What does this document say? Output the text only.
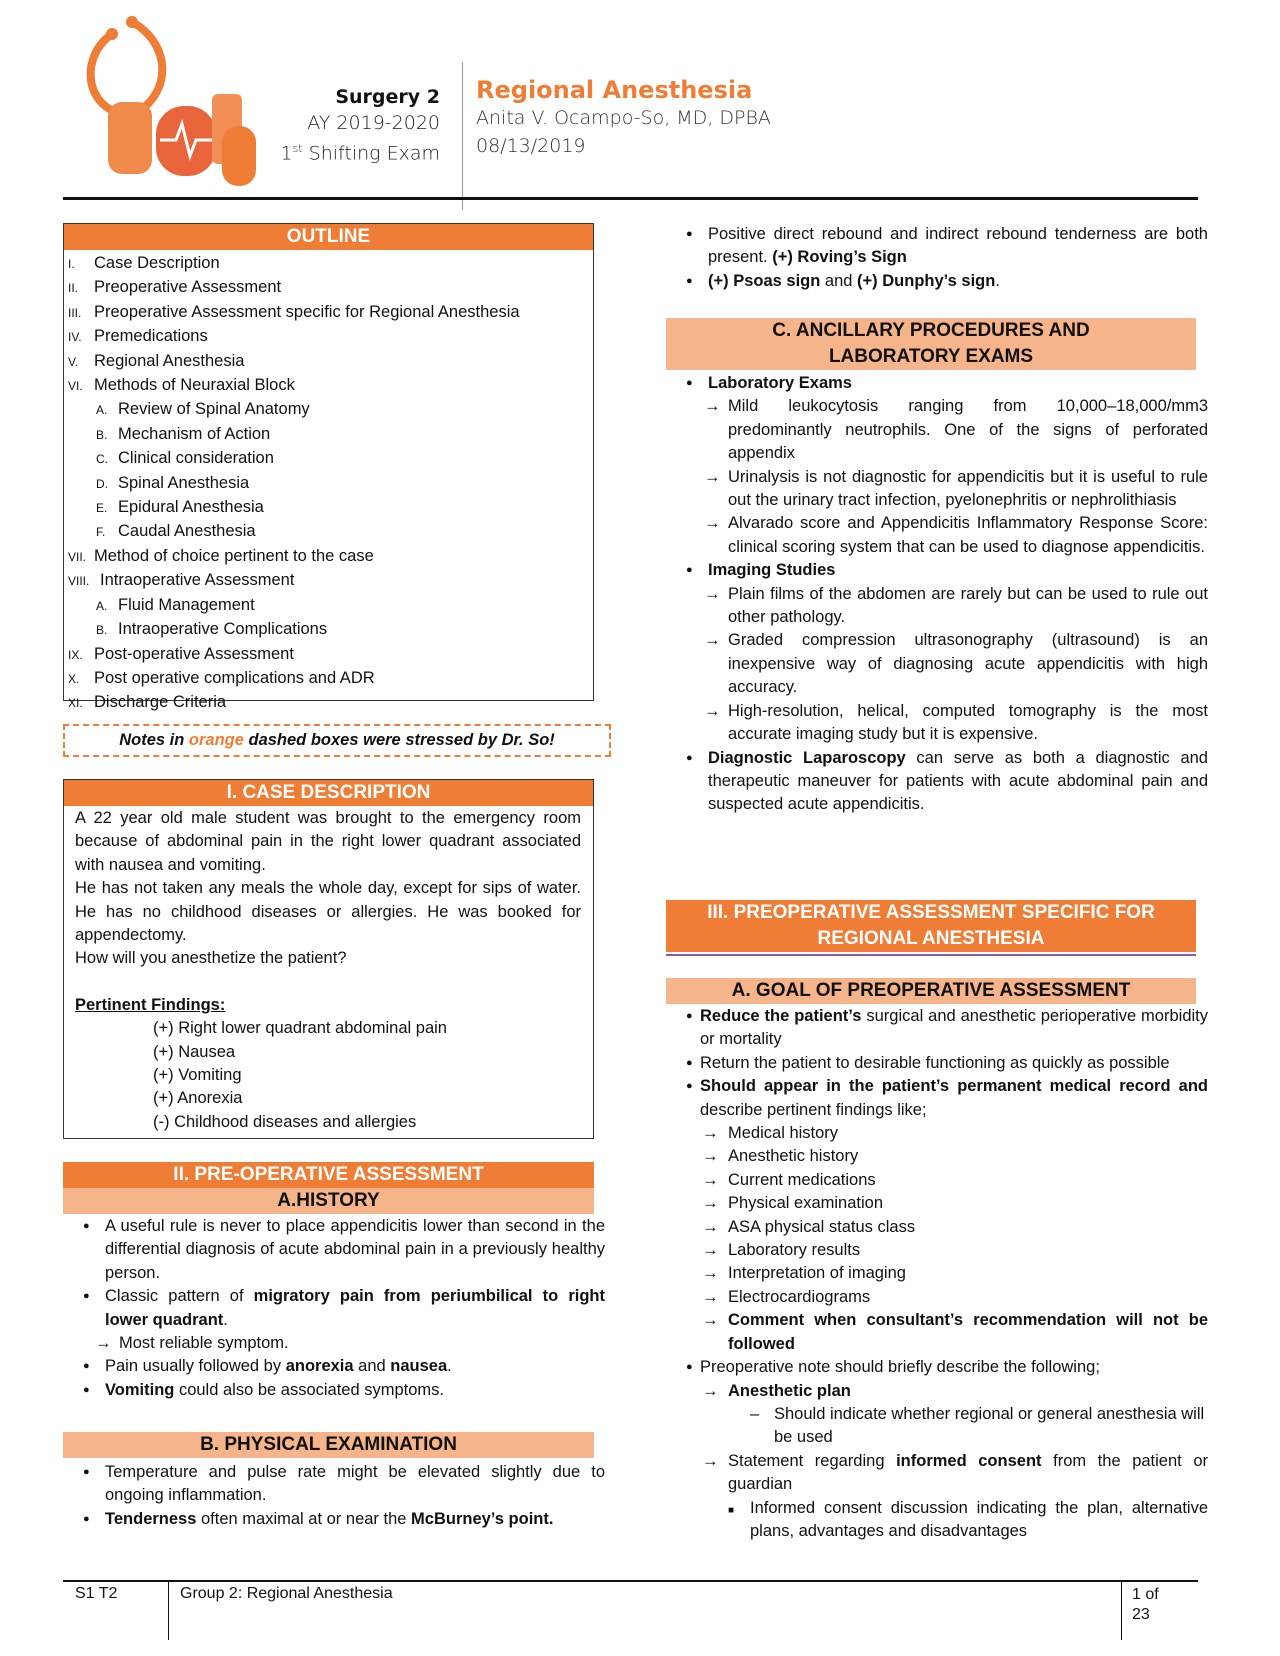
Surgery 2
AY 2019-2020
1st Shifting Exam
Regional Anesthesia
Anita V. Ocampo-So, MD, DPBA
08/13/2019
OUTLINE
I. Case Description
II. Preoperative Assessment
III. Preoperative Assessment specific for Regional Anesthesia
IV. Premedications
V. Regional Anesthesia
VI. Methods of Neuraxial Block
A. Review of Spinal Anatomy
B. Mechanism of Action
C. Clinical consideration
D. Spinal Anesthesia
E. Epidural Anesthesia
F. Caudal Anesthesia
VII. Method of choice pertinent to the case
VIII. Intraoperative Assessment
A. Fluid Management
B. Intraoperative Complications
IX. Post-operative Assessment
X. Post operative complications and ADR
XI. Discharge Criteria
Notes in orange dashed boxes were stressed by Dr. So!
I. CASE DESCRIPTION
A 22 year old male student was brought to the emergency room because of abdominal pain in the right lower quadrant associated with nausea and vomiting.
He has not taken any meals the whole day, except for sips of water. He has no childhood diseases or allergies. He was booked for appendectomy.
How will you anesthetize the patient?
Pertinent Findings:
(+) Right lower quadrant abdominal pain
(+) Nausea
(+) Vomiting
(+) Anorexia
(-) Childhood diseases and allergies
II. PRE-OPERATIVE ASSESSMENT
A.HISTORY
● A useful rule is never to place appendicitis lower than second in the differential diagnosis of acute abdominal pain in a previously healthy person.
● Classic pattern of migratory pain from periumbilical to right lower quadrant.
→ Most reliable symptom.
● Pain usually followed by anorexia and nausea.
● Vomiting could also be associated symptoms.
B. PHYSICAL EXAMINATION
● Temperature and pulse rate might be elevated slightly due to ongoing inflammation.
● Tenderness often maximal at or near the McBurney’s point.
● Positive direct rebound and indirect rebound tenderness are both present. (+) Roving’s Sign
● (+) Psoas sign and (+) Dunphy’s sign.
C. ANCILLARY PROCEDURES AND LABORATORY EXAMS
● Laboratory Exams
→ Mild leukocytosis ranging from 10,000–18,000/mm3 predominantly neutrophils. One of the signs of perforated appendix
→ Urinalysis is not diagnostic for appendicitis but it is useful to rule out the urinary tract infection, pyelonephritis or nephrolithiasis
→ Alvarado score and Appendicitis Inflammatory Response Score: clinical scoring system that can be used to diagnose appendicitis.
● Imaging Studies
→ Plain films of the abdomen are rarely but can be used to rule out other pathology.
→ Graded compression ultrasonography (ultrasound) is an inexpensive way of diagnosing acute appendicitis with high accuracy.
→ High-resolution, helical, computed tomography is the most accurate imaging study but it is expensive.
● Diagnostic Laparoscopy can serve as both a diagnostic and therapeutic maneuver for patients with acute abdominal pain and suspected acute appendicitis.
III. PREOPERATIVE ASSESSMENT SPECIFIC FOR REGIONAL ANESTHESIA
A. GOAL OF PREOPERATIVE ASSESSMENT
● Reduce the patient’s surgical and anesthetic perioperative morbidity or mortality
● Return the patient to desirable functioning as quickly as possible
● Should appear in the patient’s permanent medical record and describe pertinent findings like;
→ Medical history
→ Anesthetic history
→ Current medications
→ Physical examination
→ ASA physical status class
→ Laboratory results
→ Interpretation of imaging
→ Electrocardiograms
→ Comment when consultant’s recommendation will not be followed
● Preoperative note should briefly describe the following;
→ Anesthetic plan
– Should indicate whether regional or general anesthesia will be used
→ Statement regarding informed consent from the patient or guardian
■ Informed consent discussion indicating the plan, alternative plans, advantages and disadvantages
S1 T2	Group 2: Regional Anesthesia	1 of 23
